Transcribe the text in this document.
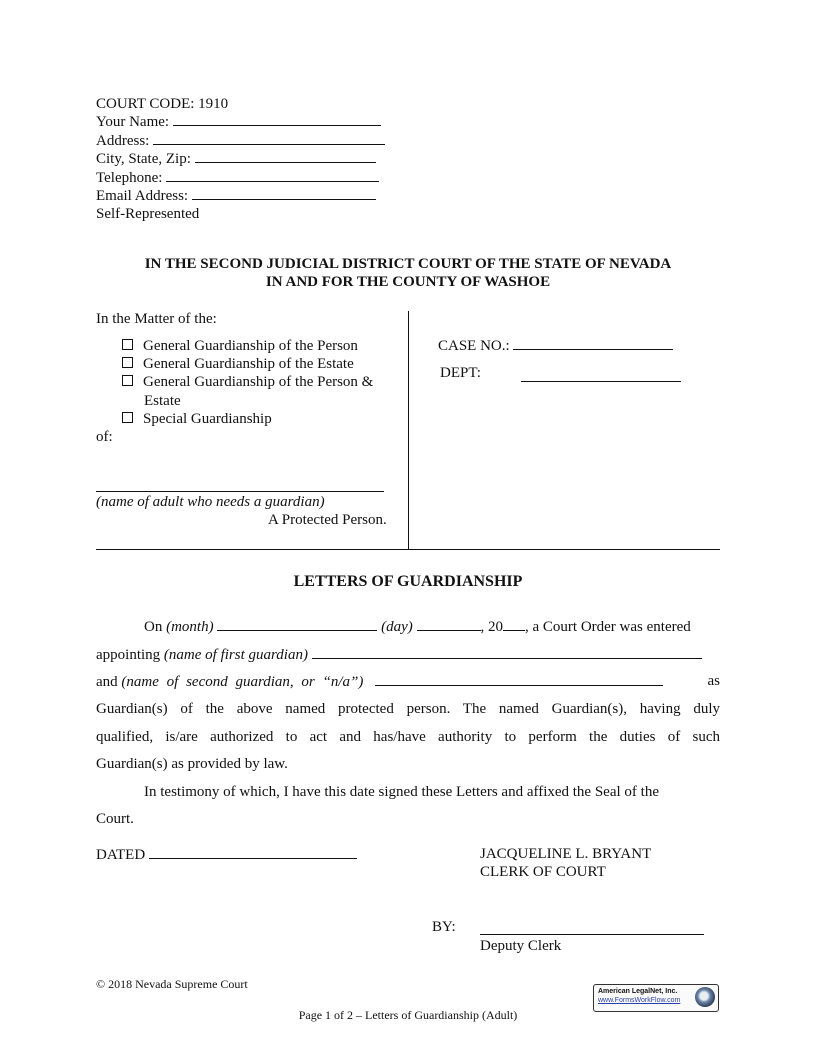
COURT CODE: 1910
Your Name:
Address:
City, State, Zip:
Telephone:
Email Address:
Self-Represented
IN THE SECOND JUDICIAL DISTRICT COURT OF THE STATE OF NEVADA
IN AND FOR THE COUNTY OF WASHOE
In the Matter of the:
General Guardianship of the Person
General Guardianship of the Estate
General Guardianship of the Person &
Estate
Special Guardianship
of:
(name of adult who needs a guardian)
A Protected Person.
CASE NO.:
DEPT:
LETTERS OF GUARDIANSHIP
On (month)	(day)	, 20 , a Court Order was entered
appointing (name of first guardian)
and (name of second guardian, or “n/a”)	as
Guardian(s) of the above named protected person. The named Guardian(s), having duly
qualified, is/are authorized to act and has/have authority to perform the duties of such
Guardian(s) as provided by law.
In testimony of which, I have this date signed these Letters and affixed the Seal of the
Court.
DATED	JACQUELINE L. BRYANT
CLERK OF COURT
BY:
Deputy Clerk
© 2018 Nevada Supreme Court
Page 1 of 2 – Letters of Guardianship (Adult)
American LegalNet, Inc.
www.FormsWorkFlow.com
